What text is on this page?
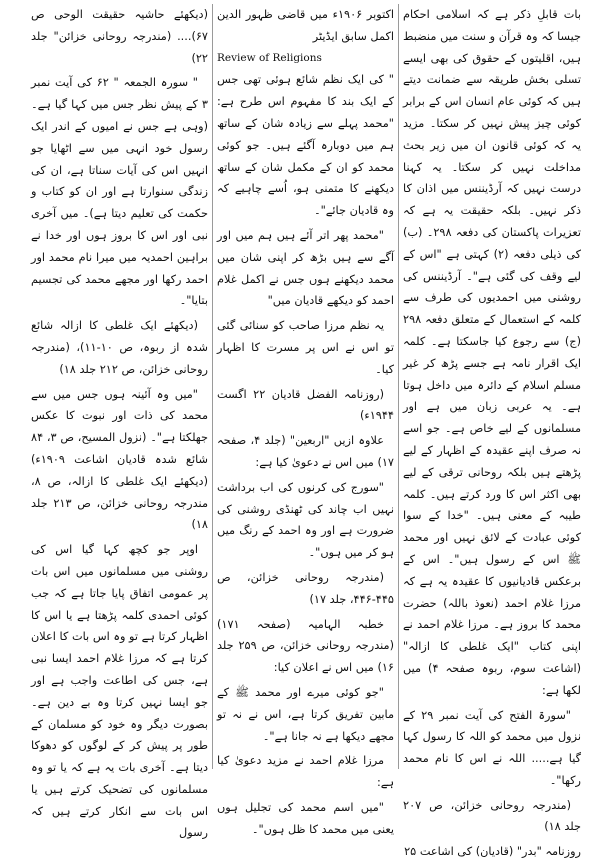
بات قابلِ ذکر ہے کہ اسلامی احکام جیسا کہ وہ قرآن و سنت میں منضبط ہیں، اقلیتوں کے حقوق کی بھی ایسے تسلی بخش طریقہ سے ضمانت دیتے ہیں کہ کوئی عام انسان اس کے برابر کوئی چیز پیش نہیں کر سکتا۔ مزید یہ کہ کوئی قانون ان میں زیر بحث مداخلت نہیں کر سکتا۔ یہ کہنا درست نہیں کہ آرڈیننس میں اذان کا ذکر نہیں۔ بلکہ حقیقت یہ ہے کہ تعزیرات پاکستان کی دفعہ ۲۹۸۔ (ب) کی ذیلی دفعہ (۲) کہتی ہے "اس کے لیے وقف کی گئی ہے"۔ آرڈیننس کی روشنی میں احمدیوں کی طرف سے کلمہ کے استعمال کے متعلق دفعہ ۲۹۸ (ج) سے رجوع کیا جاسکتا ہے۔ کلمہ ایک اقرار نامہ ہے جسے پڑھ کر غیر مسلم اسلام کے دائرہ میں داخل ہوتا ہے۔ یہ عربی زبان میں ہے اور مسلمانوں کے لیے خاص ہے۔ جو اسے نہ صرف اپنے عقیدہ کے اظہار کے لیے پڑھتے ہیں بلکہ روحانی ترقی کے لیے بھی اکثر اس کا ورد کرتے ہیں۔ کلمہ طیبہ کے معنی ہیں۔ "خدا کے سوا کوئی عبادت کے لائق نہیں اور محمد ﷺ اس کے رسول ہیں"۔ اس کے برعکس قادیانیوں کا عقیدہ یہ ہے کہ مرزا غلام احمد (نعوذ باللہ) حضرت محمد کا بروز ہے۔ مرزا غلام احمد نے اپنی کتاب "ایک غلطی کا ازالہ" (اشاعت سوم، ربوہ صفحہ ۴) میں لکھا ہے:

"سورۃ الفتح کی آیت نمبر ۲۹ کے نزول میں محمد کو اللہ کا رسول کہا گیا ہے..... اللہ نے اس کا نام محمد رکھا"۔

(مندرجہ روحانی خزائن، ص ۲۰۷ جلد ۱۸)

روزنامہ "بدر" (قادیان) کی اشاعت ۲۵

اکتوبر ۱۹۰۶ء میں قاضی ظہور الدین اکمل سابق ایڈیٹر

Review of Religions

" کی ایک نظم شائع ہوئی تھی جس کے ایک بند کا مفہوم اس طرح ہے: "محمد پہلے سے زیادہ شان کے ساتھ ہم میں دوبارہ آگئے ہیں۔ جو کوئی محمد کو ان کے مکمل شان کے ساتھ دیکھنے کا متمنی ہو، اُسے چاہیے کہ وہ قادیان جائے"۔

"محمد پھر اتر آئے ہیں ہم میں اور آگے سے ہیں بڑھ کر اپنی شان میں محمد دیکھنے ہوں جس نے اکمل غلام احمد کو دیکھے قادیان میں"

یہ نظم مرزا صاحب کو سنائی گئی تو اس نے اس پر مسرت کا اظہار کیا۔

(روزنامہ الفضل قادیان ۲۲ اگست ۱۹۴۴ء)

علاوہ ازیں "اربعین" (جلد ۴، صفحہ ۱۷) میں اس نے دعویٰ کیا ہے:

"سورج کی کرنوں کی اب برداشت نہیں اب چاند کی ٹھنڈی روشنی کی ضرورت ہے اور وہ احمد کے رنگ میں ہو کر میں ہوں"۔

(مندرجہ روحانی خزائن، ص ۴۴۵-۴۴۶، جلد ۱۷)

خطبہ الہامیہ (صفحہ ۱۷۱) (مندرجہ روحانی خزائن، ص ۲۵۹ جلد ۱۶) میں اس نے اعلان کیا:

"جو کوئی میرے اور محمد ﷺ کے مابین تفریق کرتا ہے، اس نے نہ تو مجھے دیکھا ہے نہ جانا ہے"۔

مرزا غلام احمد نے مزید دعویٰ کیا ہے:

"میں اسم محمد کی تجلیل ہوں یعنی میں محمد کا ظل ہوں"۔

(دیکھئے حاشیہ حقیقت الوحی ص ۶۷).... (مندرجہ روحانی خزائن" جلد ۲۲)

" سورہ الجمعہ " ۶۲ کی آیت نمبر ۳ کے پیش نظر جس میں کہا گیا ہے۔ (وہی ہے جس نے امیوں کے اندر ایک رسول خود انہی میں سے اٹھایا جو انہیں اس کی آیات سناتا ہے، ان کی زندگی سنوارتا ہے اور ان کو کتاب و حکمت کی تعلیم دیتا ہے)۔ میں آخری نبی اور اس کا بروز ہوں اور خدا نے براہین احمدیہ میں میرا نام محمد اور احمد رکھا اور مجھے محمد کی تجسیم بتایا"۔

(دیکھئے ایک غلطی کا ازالہ شائع شدہ از ربوہ، ص ۱۰-۱۱)، (مندرجہ روحانی خزائن، ص ۲۱۲ جلد ۱۸)

"میں وہ آئینہ ہوں جس میں سے محمد کی ذات اور نبوت کا عکس جھلکتا ہے"۔ (نزول المسیح، ص ۳، ۸۴ شائع شدہ قادیان اشاعت ۱۹۰۹ء) (دیکھئے ایک غلطی کا ازالہ، ص ۸، مندرجہ روحانی خزائن، ص ۲۱۳ جلد ۱۸)

اوپر جو کچھ کہا گیا اس کی روشنی میں مسلمانوں میں اس بات پر عمومی اتفاق پایا جاتا ہے کہ جب کوئی احمدی کلمہ پڑھتا ہے یا اس کا اظہار کرتا ہے تو وہ اس بات کا اعلان کرتا ہے کہ مرزا غلام احمد ایسا نبی ہے، جس کی اطاعت واجب ہے اور جو ایسا نہیں کرتا وہ بے دین ہے۔ بصورت دیگر وہ خود کو مسلمان کے طور پر پیش کر کے لوگوں کو دھوکا دیتا ہے۔ آخری بات یہ ہے کہ یا تو وہ مسلمانوں کی تضحیک کرتے ہیں یا اس بات سے انکار کرتے ہیں کہ رسول
